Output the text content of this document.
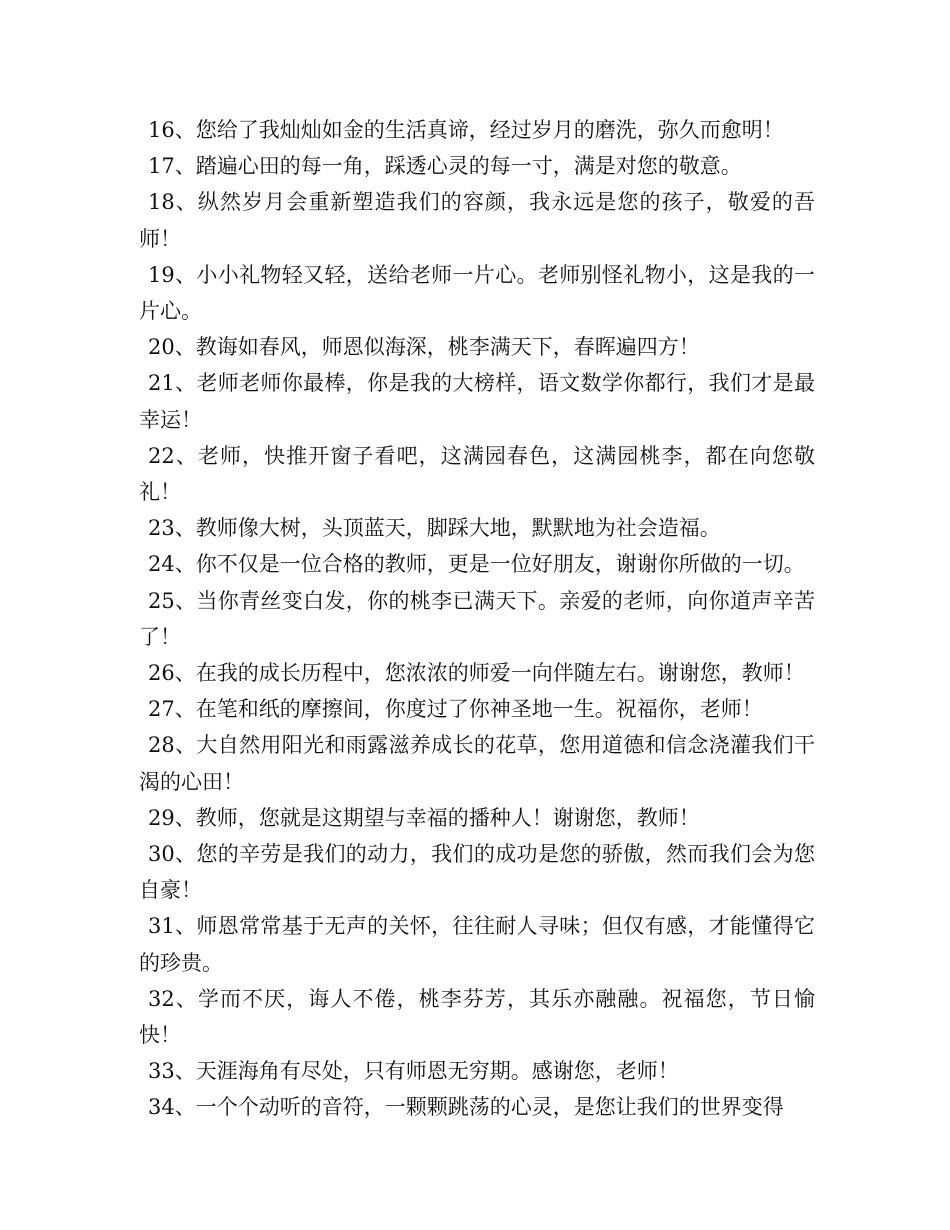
16、您给了我灿灿如金的生活真谛，经过岁月的磨洗，弥久而愈明！

17、踏遍心田的每一角，踩透心灵的每一寸，满是对您的敬意。

18、纵然岁月会重新塑造我们的容颜，我永远是您的孩子，敬爱的吾师！

19、小小礼物轻又轻，送给老师一片心。老师别怪礼物小，这是我的一片心。

20、教诲如春风，师恩似海深，桃李满天下，春晖遍四方！

21、老师老师你最棒，你是我的大榜样，语文数学你都行，我们才是最幸运！

22、老师，快推开窗子看吧，这满园春色，这满园桃李，都在向您敬礼！

23、教师像大树，头顶蓝天，脚踩大地，默默地为社会造福。

24、你不仅是一位合格的教师，更是一位好朋友，谢谢你所做的一切。

25、当你青丝变白发，你的桃李已满天下。亲爱的老师，向你道声辛苦了！

26、在我的成长历程中，您浓浓的师爱一向伴随左右。谢谢您，教师！

27、在笔和纸的摩擦间，你度过了你神圣地一生。祝福你，老师！

28、大自然用阳光和雨露滋养成长的花草，您用道德和信念浇灌我们干渴的心田！

29、教师，您就是这期望与幸福的播种人！谢谢您，教师！

30、您的辛劳是我们的动力，我们的成功是您的骄傲，然而我们会为您自豪！

31、师恩常常基于无声的关怀，往往耐人寻味；但仅有感，才能懂得它的珍贵。

32、学而不厌，诲人不倦，桃李芬芳，其乐亦融融。祝福您，节日愉快！

33、天涯海角有尽处，只有师恩无穷期。感谢您，老师！

34、一个个动听的音符，一颗颗跳荡的心灵，是您让我们的世界变得
